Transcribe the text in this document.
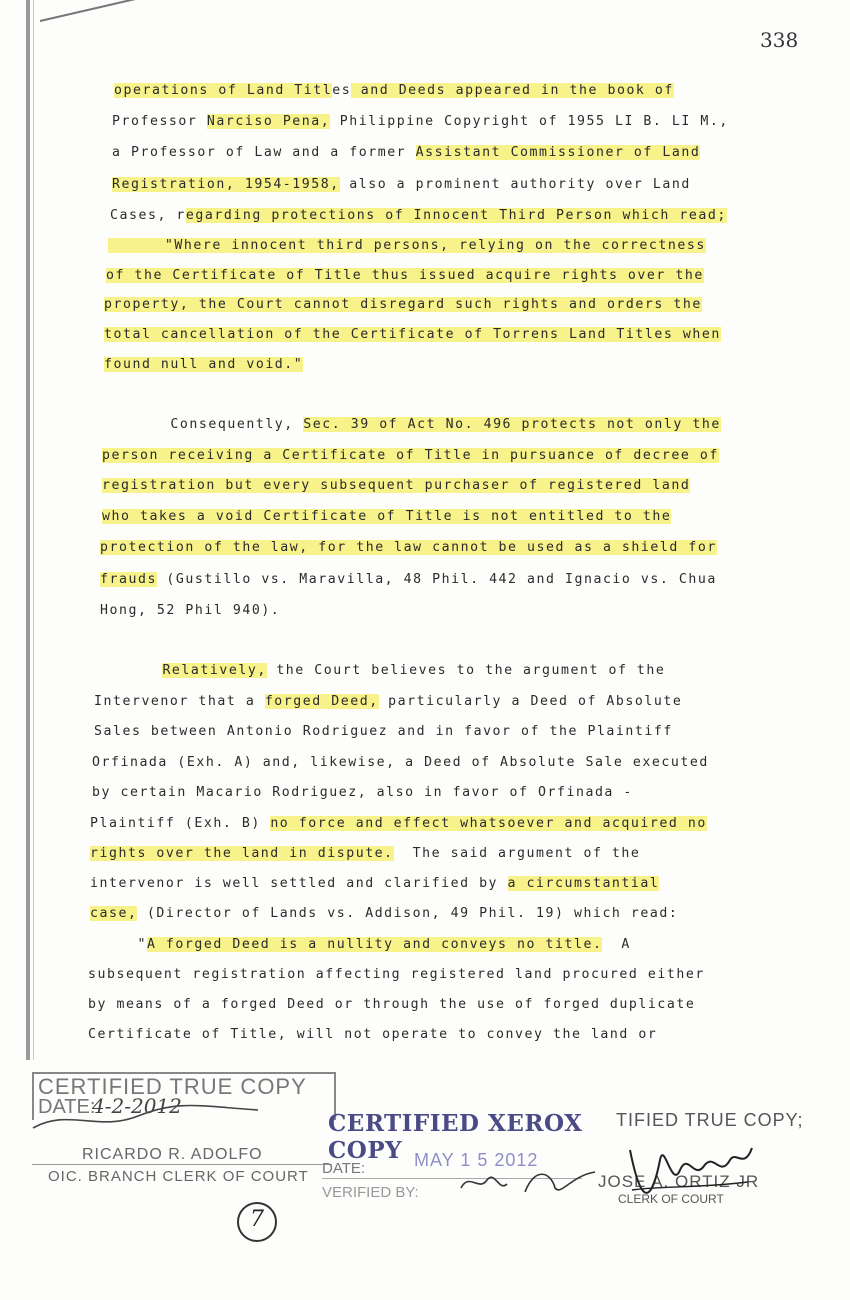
338
operations of Land Titles and Deeds appeared in the book of
Professor Narciso Pena, Philippine Copyright of 1955 LI B. LI M.,
a Professor of Law and a former Assistant Commissioner of Land
Registration, 1954-1958, also a prominent authority over Land
Cases, regarding protections of Innocent Third Person which read;
"Where innocent third persons, relying on the correctness
of the Certificate of Title thus issued acquire rights over the
property, the Court cannot disregard such rights and orders the
total cancellation of the Certificate of Torrens Land Titles when
found null and void."
Consequently, Sec. 39 of Act No. 496 protects not only the
person receiving a Certificate of Title in pursuance of decree of
registration but every subsequent purchaser of registered land
who takes a void Certificate of Title is not entitled to the
protection of the law, for the law cannot be used as a shield for
frauds (Gustillo vs. Maravilla, 48 Phil. 442 and Ignacio vs. Chua
Hong, 52 Phil 940).
Relatively, the Court believes to the argument of the
Intervenor that a forged Deed, particularly a Deed of Absolute
Sales between Antonio Rodriguez and in favor of the Plaintiff
Orfinada (Exh. A) and, likewise, a Deed of Absolute Sale executed
by certain Macario Rodriguez, also in favor of Orfinada -
Plaintiff (Exh. B) no force and effect whatsoever and acquired no
rights over the land in dispute.  The said argument of the
intervenor is well settled and clarified by a circumstantial
case, (Director of Lands vs. Addison, 49 Phil. 19) which read:
"A forged Deed is a nullity and conveys no title.  A
subsequent registration affecting registered land procured either
by means of a forged Deed or through the use of forged duplicate
Certificate of Title, will not operate to convey the land or
CERTIFIED TRUE COPY
DATE:
4-2-2012
RICARDO R. ADOLFO
OIC. BRANCH CLERK OF COURT
CERTIFIED XEROX COPY MAY 1 5 2012
DATE:
VERIFIED BY:
TIFIED TRUE COPY;
JOSE A. ORTIZ JR
CLERK OF COURT
7
